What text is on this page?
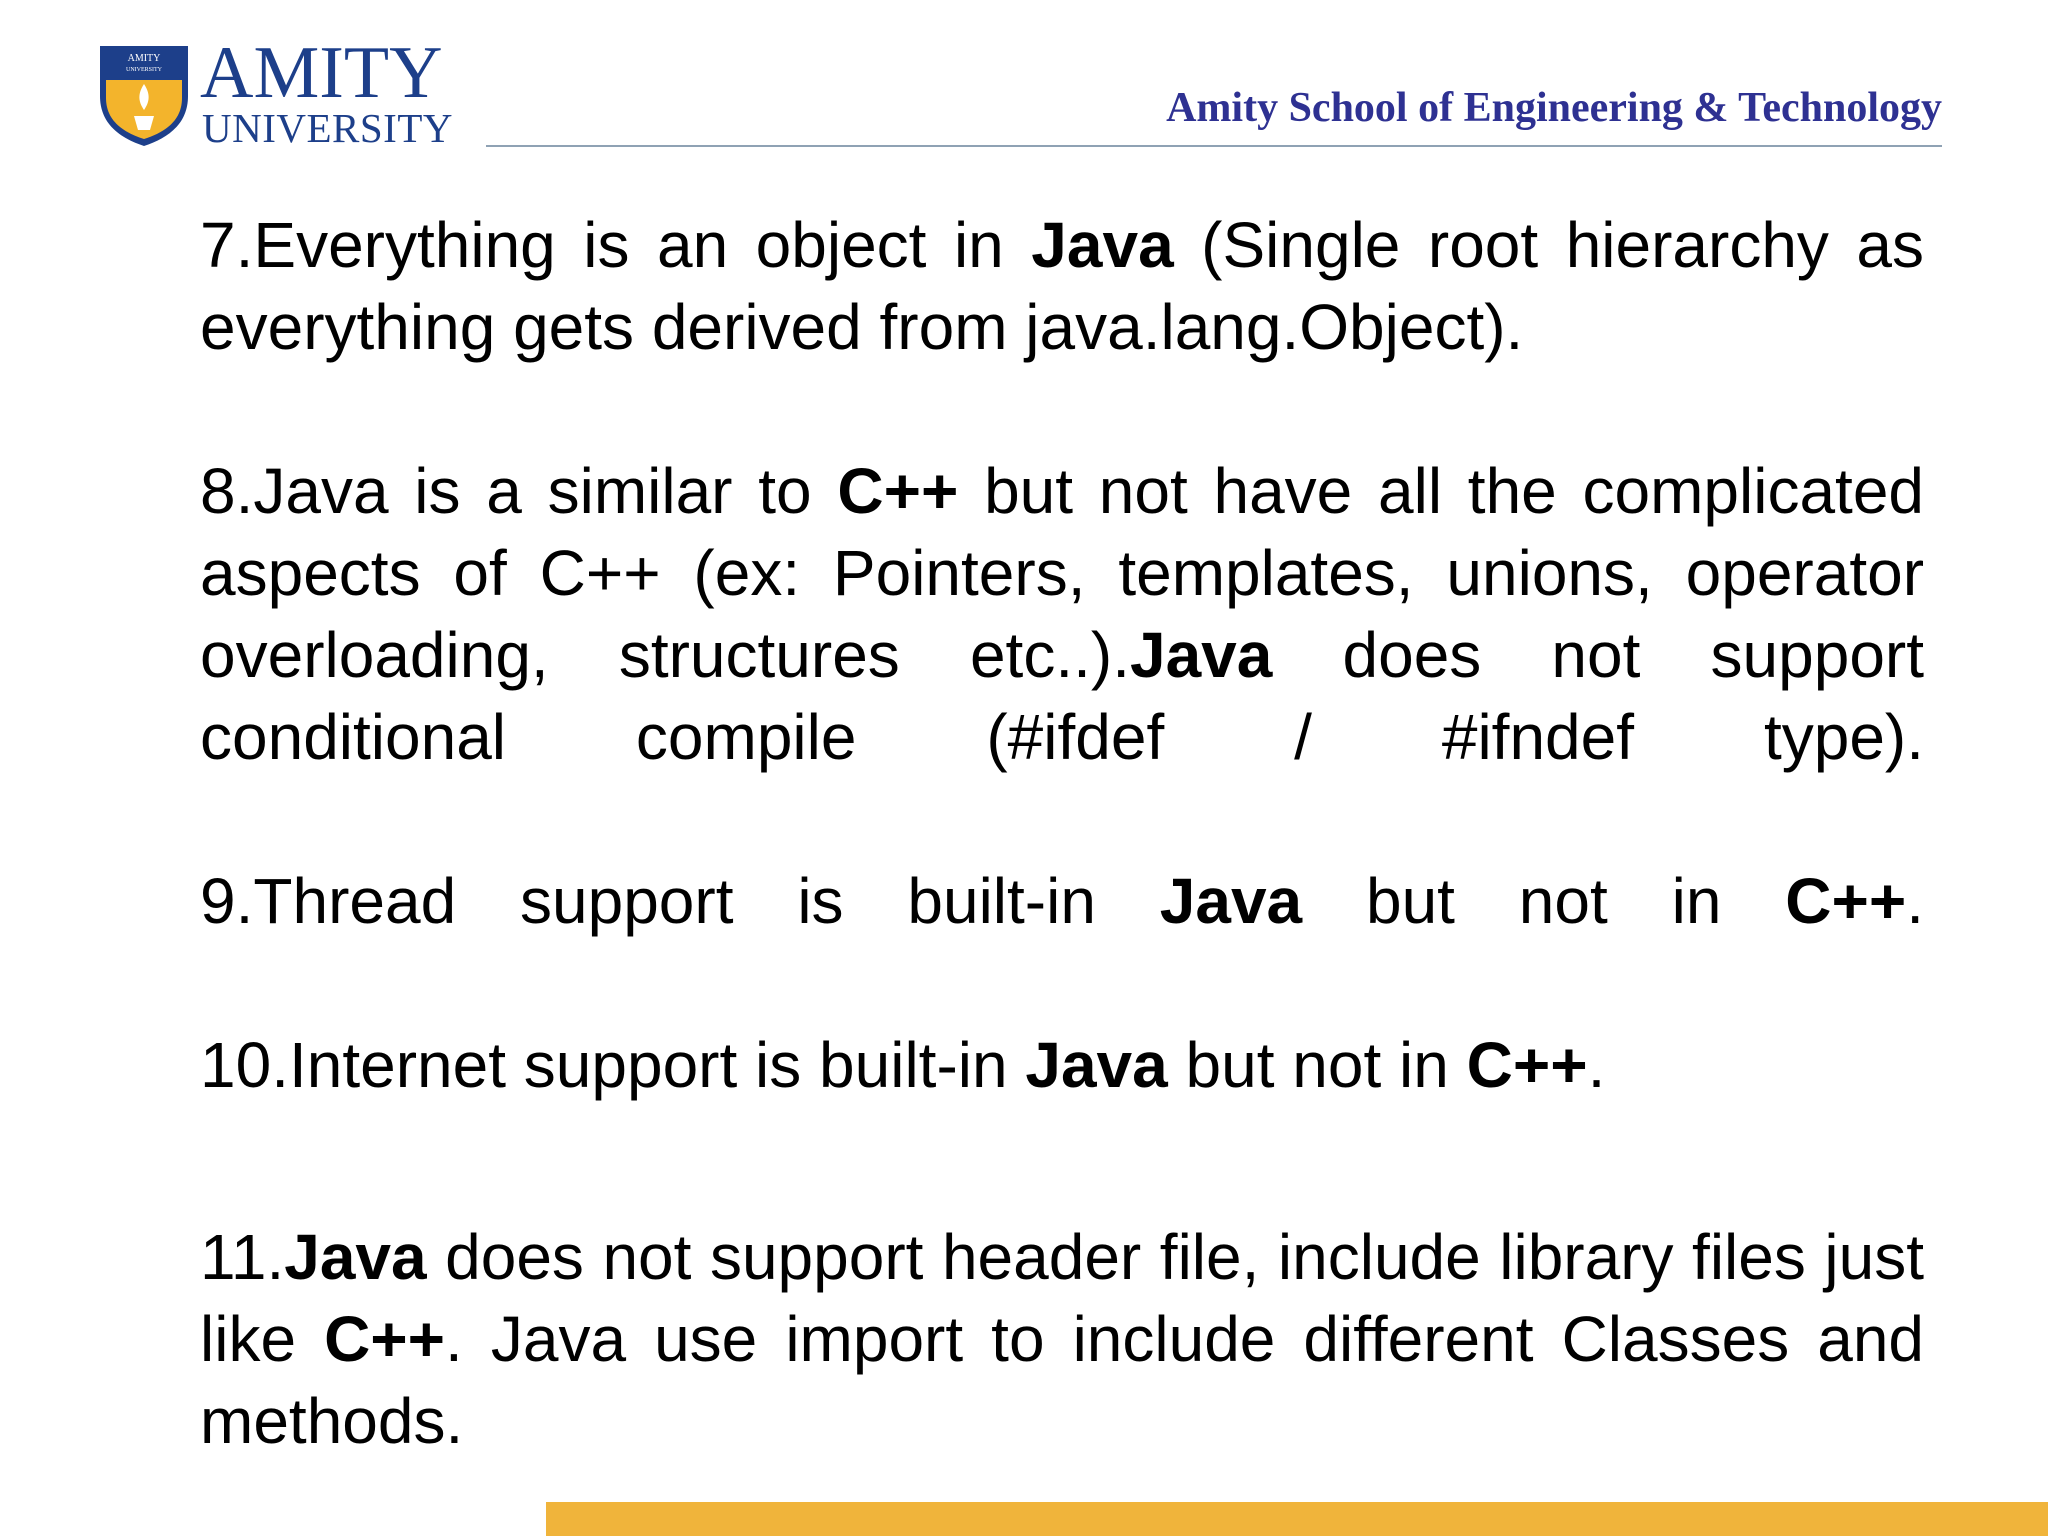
AMITY
UNIVERSITY AMITY
UNIVERSITY	Amity School of Engineering & Technology

7.Everything is an object in Java (Single root hierarchy as everything gets derived from java.lang.Object).

8.Java is a similar to C++ but not have all the complicated aspects of C++ (ex: Pointers, templates, unions, operator overloading, structures etc..).Java does not support conditional compile (#ifdef / #ifndef type).

9.Thread support is built-in Java but not in C++.

10.Internet support is built-in Java but not in C++.

11.Java does not support header file, include library files just like C++. Java use import to include different Classes and methods.
